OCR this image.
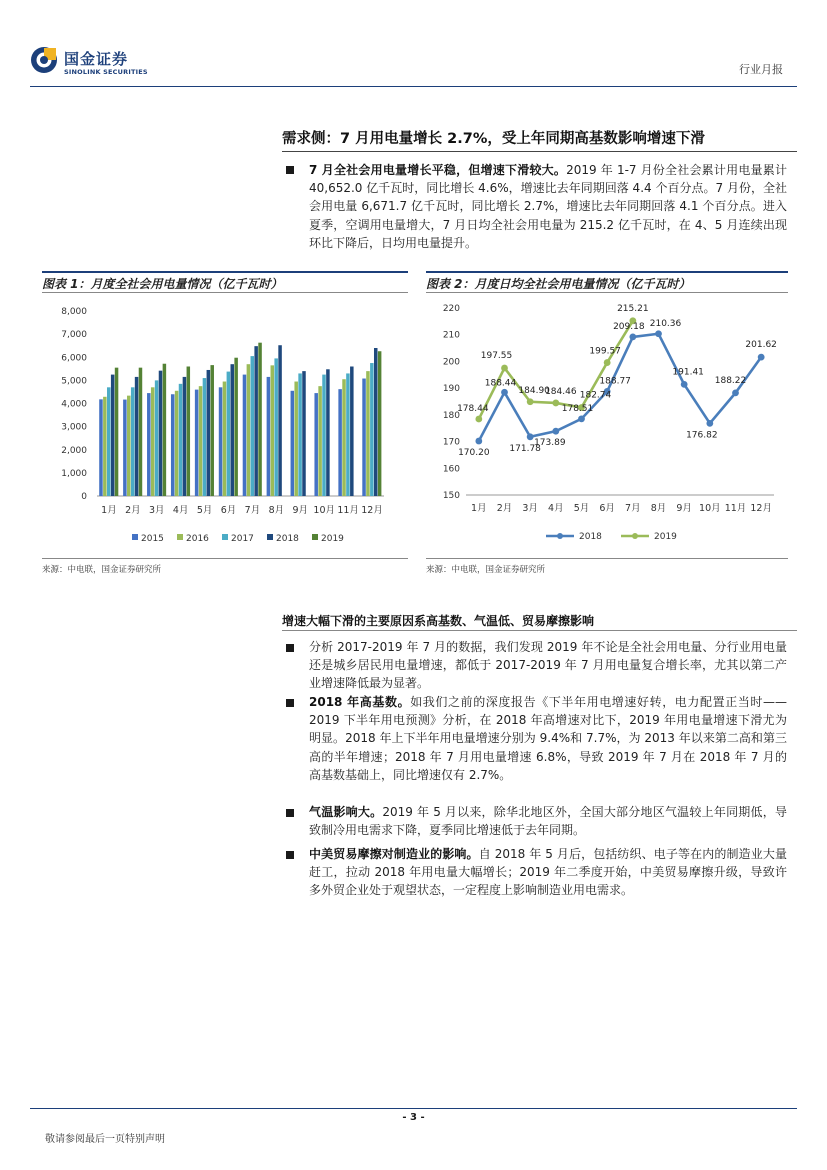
国金证券
SINOLINK SECURITIES	行业月报
需求侧：7 月用电量增长 2.7%，受上年同期高基数影响增速下滑
7 月全社会用电量增长平稳，但增速下滑较大。2019 年 1-7 月份全社会累计用电量累计 40,652.0 亿千瓦时，同比增长 4.6%，增速比去年同期回落 4.4 个百分点。7 月份，全社会用电量 6,671.7 亿千瓦时，同比增长 2.7%，增速比去年同期回落 4.1 个百分点。进入夏季，空调用电量增大，7 月日均全社会用电量为 215.2 亿千瓦时，在 4、5 月连续出现环比下降后，日均用电量提升。
图表 1：月度全社会用电量情况（亿千瓦时）
0
1,000
2,000
3,000
4,000
5,000
6,000
7,000
8,000
1月 2月 3月 4月 5月 6月 7月 8月 9月 10月 11月 12月
2015 2016 2017 2018 2019
来源：中电联，国金证券研究所
图表 2：月度日均全社会用电量情况（亿千瓦时）
150
160
170
180
190
200
210
220
1月 2月 3月 4月 5月 6月 7月 8月 9月 10月 11月 12月
170.20
188.44
171.78
173.89
178.51
188.77
209.18 210.36
191.41
176.82
188.22
201.62
178.44
197.55
184.90
184.46 182.74
199.57
215.21
2018	2019
来源：中电联，国金证券研究所
增速大幅下滑的主要原因系高基数、气温低、贸易摩擦影响
分析 2017-2019 年 7 月的数据，我们发现 2019 年不论是全社会用电量、分行业用电量还是城乡居民用电量增速，都低于 2017-2019 年 7 月用电量复合增长率，尤其以第二产业增速降低最为显著。
2018 年高基数。如我们之前的深度报告《下半年用电增速好转，电力配置正当时——2019 下半年用电预测》分析，在 2018 年高增速对比下，2019 年用电量增速下滑尤为明显。2018 年上下半年用电量增速分别为 9.4%和 7.7%，为 2013 年以来第二高和第三高的半年增速；2018 年 7 月用电量增速 6.8%，导致 2019 年 7 月在 2018 年 7 月的高基数基础上，同比增速仅有 2.7%。
气温影响大。2019 年 5 月以来，除华北地区外，全国大部分地区气温较上年同期低，导致制冷用电需求下降，夏季同比增速低于去年同期。
中美贸易摩擦对制造业的影响。自 2018 年 5 月后，包括纺织、电子等在内的制造业大量赶工，拉动 2018 年用电量大幅增长；2019 年二季度开始，中美贸易摩擦升级，导致许多外贸企业处于观望状态，一定程度上影响制造业用电需求。
- 3 -
敬请参阅最后一页特别声明
